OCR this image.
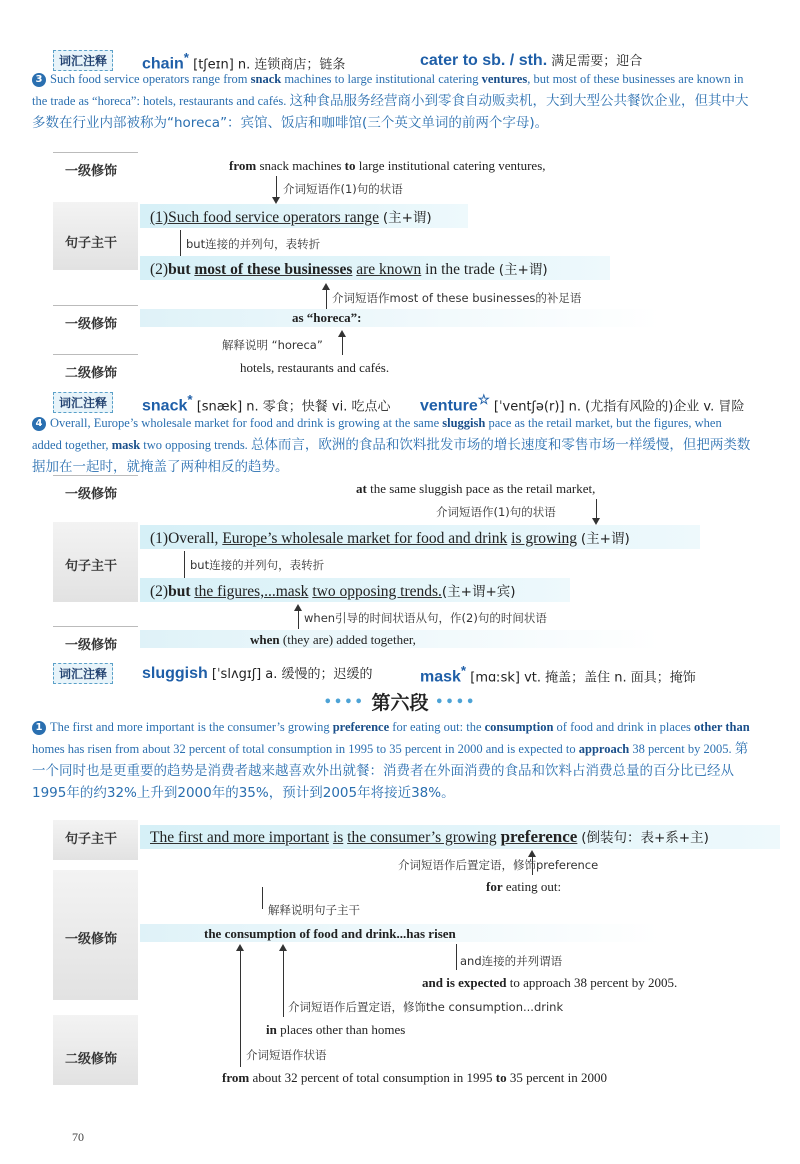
词汇注释	chain* [tʃeɪn] n. 连锁商店；链条	cater to sb. / sth. 满足需要；迎合
3 Such food service operators range from snack machines to large institutional catering ventures, but most of these businesses are known in the trade as “horeca”: hotels, restaurants and cafés. 这种食品服务经营商小到零食自动贩卖机，大到大型公共餐饮企业，但其中大多数在行业内部被称为“horeca”：宾馆、饭店和咖啡馆(三个英文单词的前两个字母)。
一级修饰	from snack machines to large institutional catering ventures,
介词短语作(1)句的状语
句子主干
(1)Such food service operators range (主+谓)
but连接的并列句，表转折
(2)but most of these businesses are known in the trade (主+谓)
介词短语作most of these businesses的补足语
一级修饰	as “horeca”:
解释说明 “horeca”
二级修饰	hotels, restaurants and cafés.
词汇注释	snack* [snæk] n. 零食；快餐 vi. 吃点心 venture☆ [ˈventʃə(r)] n. (尤指有风险的)企业 v. 冒险
4 Overall, Europe’s wholesale market for food and drink is growing at the same sluggish pace as the retail market, but the figures, when added together, mask two opposing trends. 总体而言，欧洲的食品和饮料批发市场的增长速度和零售市场一样缓慢，但把两类数据加在一起时，就掩盖了两种相反的趋势。
一级修饰	at the same sluggish pace as the retail market,
介词短语作(1)句的状语
句子主干
(1)Overall, Europe’s wholesale market for food and drink is growing (主+谓)
but连接的并列句，表转折
(2)but the figures,...mask two opposing trends.(主+谓+宾)
when引导的时间状语从句，作(2)句的时间状语
一级修饰	when (they are) added together,
词汇注释	sluggish [ˈslʌgɪʃ] a. 缓慢的；迟缓的	mask* [mɑːsk] vt. 掩盖；盖住 n. 面具；掩饰
•••• 第六段 ••••
1 The first and more important is the consumer’s growing preference for eating out: the consumption of food and drink in places other than homes has risen from about 32 percent of total consumption in 1995 to 35 percent in 2000 and is expected to approach 38 percent by 2005. 第一个同时也是更重要的趋势是消费者越来越喜欢外出就餐：消费者在外面消费的食品和饮料占消费总量的百分比已经从1995年的约32%上升到2000年的35%，预计到2005年将接近38%。
句子主干	The first and more important is the consumer’s growing preference (倒装句：表+系+主)
介词短语作后置定语，修饰preference
for eating out:
解释说明句子主干
一级修饰	the consumption of food and drink...has risen
and连接的并列谓语
and is expected to approach 38 percent by 2005.
介词短语作后置定语，修饰the consumption...drink
in places other than homes
介词短语作状语
二级修饰
from about 32 percent of total consumption in 1995 to 35 percent in 2000
70
